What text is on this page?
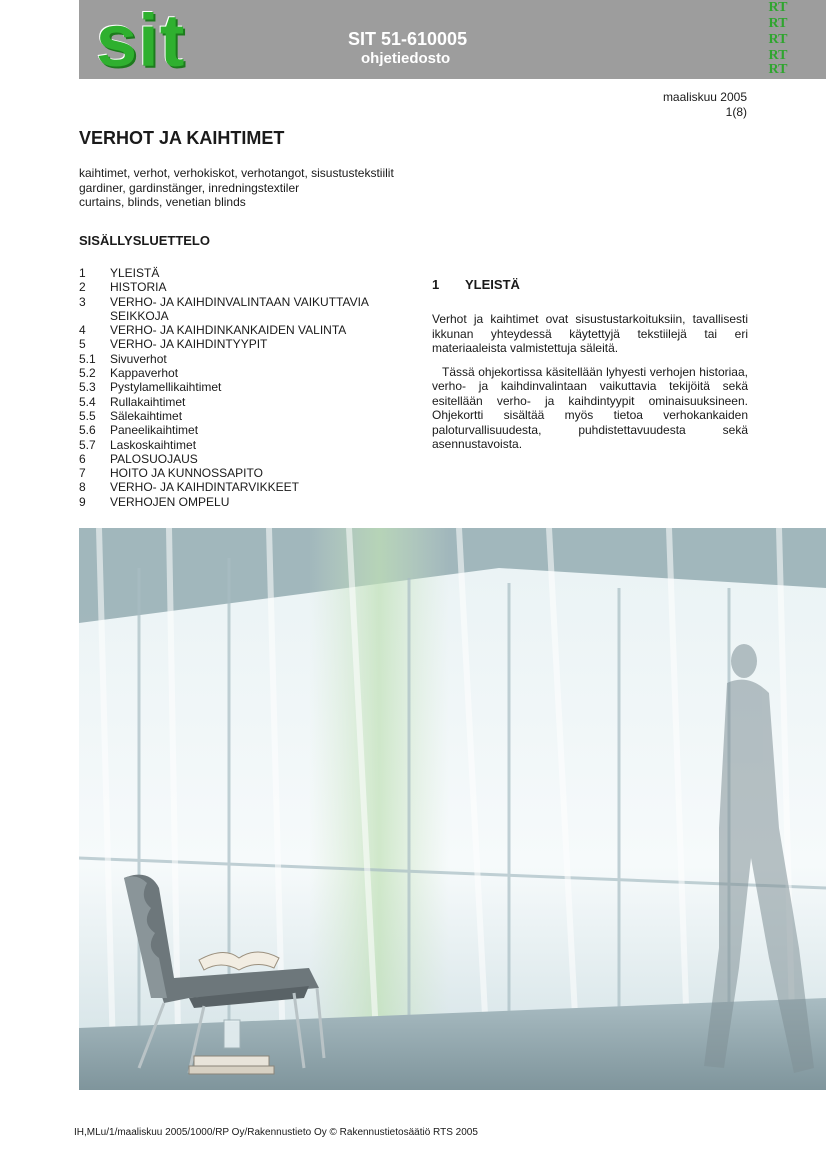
sit	SIT 51-610005
ohjetiedosto
RT
RT
RT
RT
RT
maaliskuu 2005
1(8)
VERHOT JA KAIHTIMET
kaihtimet, verhot, verhokiskot, verhotangot, sisustustekstiilit
gardiner, gardinstänger, inredningstextiler
curtains, blinds, venetian blinds
SISÄLLYSLUETTELO
1	YLEISTÄ
2	HISTORIA
3	VERHO- JA KAIHDINVALINTAAN VAIKUTTAVIA SEIKKOJA
4	VERHO- JA KAIHDINKANKAIDEN VALINTA
5	VERHO- JA KAIHDINTYYPIT
5.1	Sivuverhot
5.2	Kappaverhot
5.3	Pystylamellikaihtimet
5.4	Rullakaihtimet
5.5	Sälekaihtimet
5.6	Paneelikaihtimet
5.7	Laskoskaihtimet
6	PALOSUOJAUS
7	HOITO JA KUNNOSSAPITO
8	VERHO- JA KAIHDINTARVIKKEET
9	VERHOJEN OMPELU
1	YLEISTÄ

Verhot ja kaihtimet ovat sisustustarkoituksiin, tavallisesti ikkunan yhteydessä käytettyjä tekstiilejä tai eri materiaaleista valmistettuja säleitä.

Tässä ohjekortissa käsitellään lyhyesti verhojen historiaa, verho- ja kaihdinvalintaan vaikuttavia tekijöitä sekä esitellään verho- ja kaihdintyypit ominaisuuksineen. Ohjekortti sisältää myös tietoa verhokankaiden paloturvallisuudesta, puhdistettavuudesta sekä asennustavoista.

IH,MLu/1/maaliskuu 2005/1000/RP Oy/Rakennustieto Oy © Rakennustietosäätiö RTS 2005
